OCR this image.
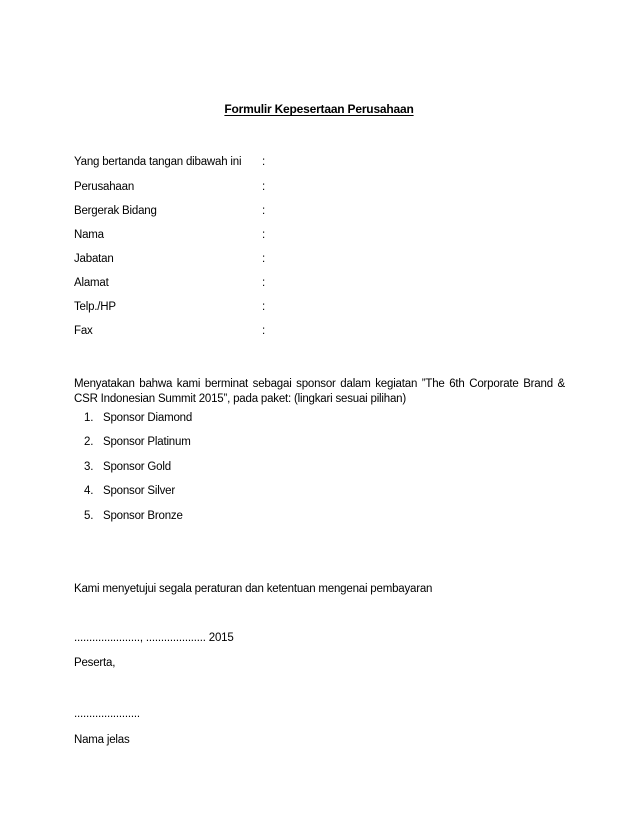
Formulir Kepesertaan Perusahaan
Yang bertanda tangan dibawah ini :
Perusahaan	:
Bergerak Bidang	:
Nama	:
Jabatan	:
Alamat	:
Telp./HP	:
Fax	:
Menyatakan bahwa kami berminat sebagai sponsor dalam kegiatan ”The 6th Corporate Brand & CSR Indonesian Summit 2015”, pada paket: (lingkari sesuai pilihan)
1. Sponsor Diamond
2. Sponsor Platinum
3. Sponsor Gold
4. Sponsor Silver
5. Sponsor Bronze
Kami menyetujui segala peraturan dan ketentuan mengenai pembayaran
......................, .................... 2015
Peserta,
......................
Nama jelas
